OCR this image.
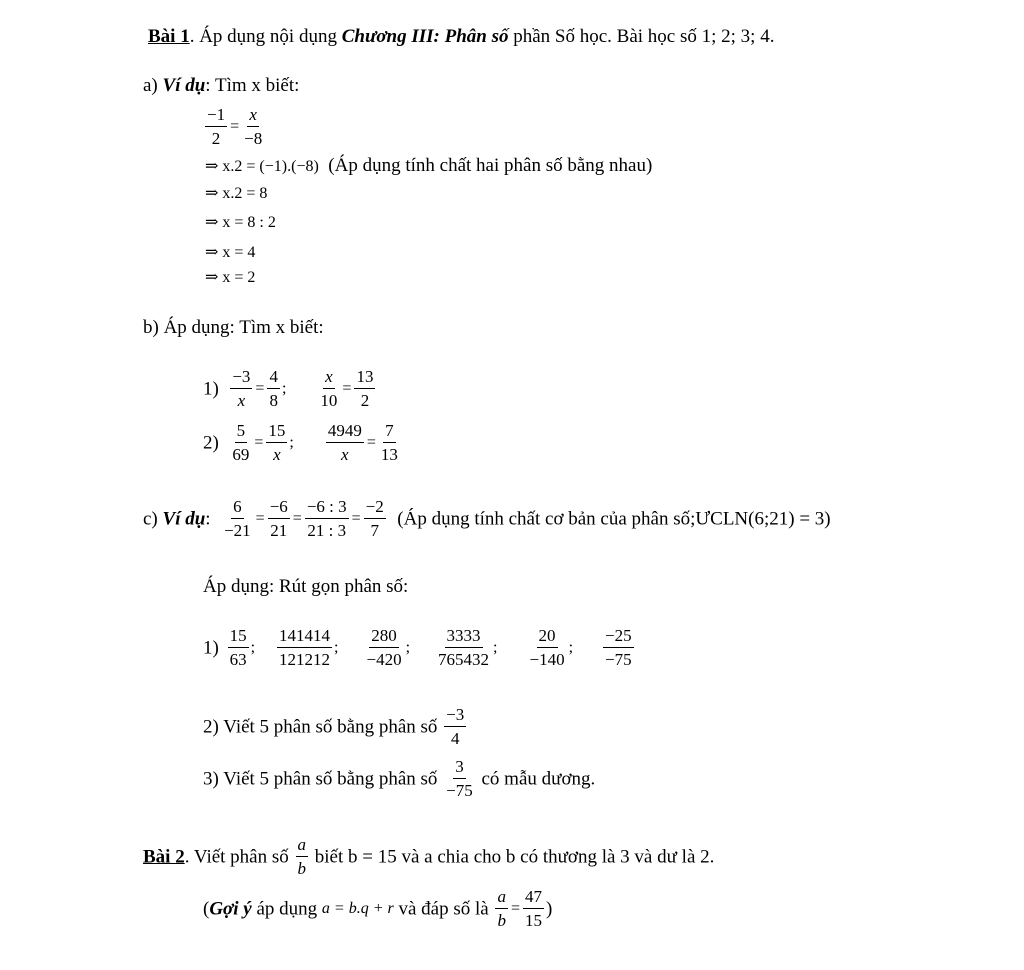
Bài 1. Áp dụng nội dụng Chương III: Phân số phần Số học. Bài học số 1; 2; 3; 4.
a) Ví dụ: Tìm x biết:
$\frac{-1}{2} = \frac{x}{-8}$
⇒ x.2 = (−1).(−8) (Áp dụng tính chất hai phân số bằng nhau)
⇒ x.2 = 8
⇒ x = 8 : 2
⇒ x = 4
⇒ x = 2
b) Áp dụng: Tìm x biết:
$1) \frac{-3}{x} = \frac{4}{8}$ ; $\frac{x}{10} = \frac{13}{2}$
$2) \frac{5}{69} = \frac{15}{x}$ ; $\frac{4949}{x} = \frac{7}{13}$
c) Ví dụ: $\frac{6}{-21} = \frac{-6}{21} = \frac{-6 : 3}{21 : 3} = \frac{-2}{7}$ (Áp dụng tính chất cơ bản của phân số;ƯCLN(6;21) = 3)
Áp dụng: Rút gọn phân số:
$1) \frac{15}{63}$ ; $\frac{141414}{121212}$ ; $\frac{280}{-420}$ ; $\frac{3333}{765432}$ ; $\frac{20}{-140}$ ; $\frac{-25}{-75}$
2) Viết 5 phân số bằng phân số $\frac{-3}{4}$
3) Viết 5 phân số bằng phân số $\frac{3}{-75}$ có mẫu dương.
Bài 2. Viết phân số $\frac{a}{b}$ biết b = 15 và a chia cho b có thương là 3 và dư là 2.
(Gợi ý áp dụng a = b.q + r và đáp số là $\frac{a}{b} = \frac{47}{15}$ )
